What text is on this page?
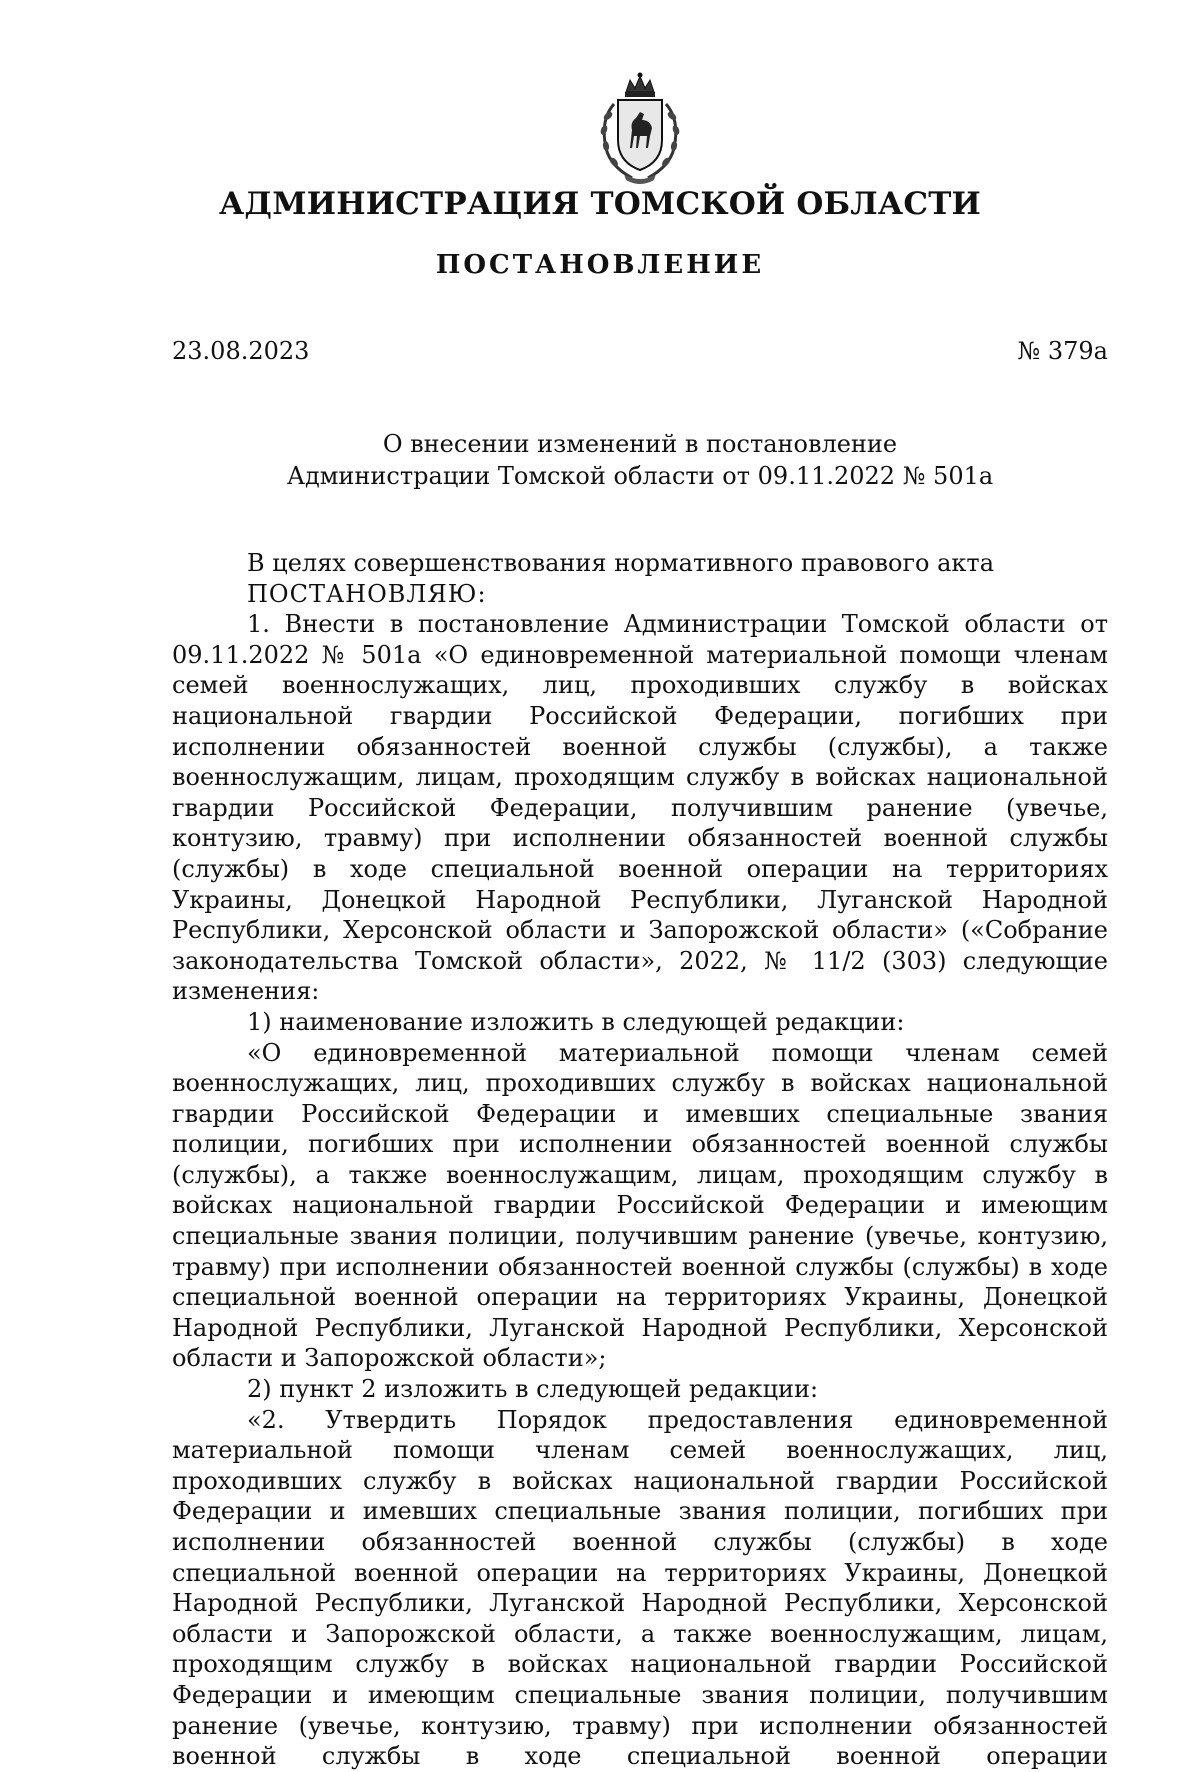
АДМИНИСТРАЦИЯ ТОМСКОЙ ОБЛАСТИ
ПОСТАНОВЛЕНИЕ
23.08.2023	№ 379а
О внесении изменений в постановление
Администрации Томской области от 09.11.2022 № 501а

В целях совершенствования нормативного правового акта

ПОСТАНОВЛЯЮ:

1. Внести в постановление Администрации Томской области от 09.11.2022 № 501а «О единовременной материальной помощи членам семей военнослужащих, лиц, проходивших службу в войсках национальной гвардии Российской Федерации, погибших при исполнении обязанностей военной службы (службы), а также военнослужащим, лицам, проходящим службу в войсках национальной гвардии Российской Федерации, получившим ранение (увечье, контузию, травму) при исполнении обязанностей военной службы (службы) в ходе специальной военной операции на территориях Украины, Донецкой Народной Республики, Луганской Народной Республики, Херсонской области и Запорожской области» («Собрание законодательства Томской области», 2022, № 11/2 (303) следующие изменения:

1) наименование изложить в следующей редакции:

«О единовременной материальной помощи членам семей военнослужащих, лиц, проходивших службу в войсках национальной гвардии Российской Федерации и имевших специальные звания полиции, погибших при исполнении обязанностей военной службы (службы), а также военнослужащим, лицам, проходящим службу в войсках национальной гвардии Российской Федерации и имеющим специальные звания полиции, получившим ранение (увечье, контузию, травму) при исполнении обязанностей военной службы (службы) в ходе специальной военной операции на территориях Украины, Донецкой Народной Республики, Луганской Народной Республики, Херсонской области и Запорожской области»;

2) пункт 2 изложить в следующей редакции:

«2. Утвердить Порядок предоставления единовременной материальной помощи членам семей военнослужащих, лиц, проходивших службу в войсках национальной гвардии Российской Федерации и имевших специальные звания полиции, погибших при исполнении обязанностей военной службы (службы) в ходе специальной военной операции на территориях Украины, Донецкой Народной Республики, Луганской Народной Республики, Херсонской области и Запорожской области, а также военнослужащим, лицам, проходящим службу в войсках национальной гвардии Российской Федерации и имеющим специальные звания полиции, получившим ранение (увечье, контузию, травму) при исполнении обязанностей военной службы в ходе специальной военной операции
